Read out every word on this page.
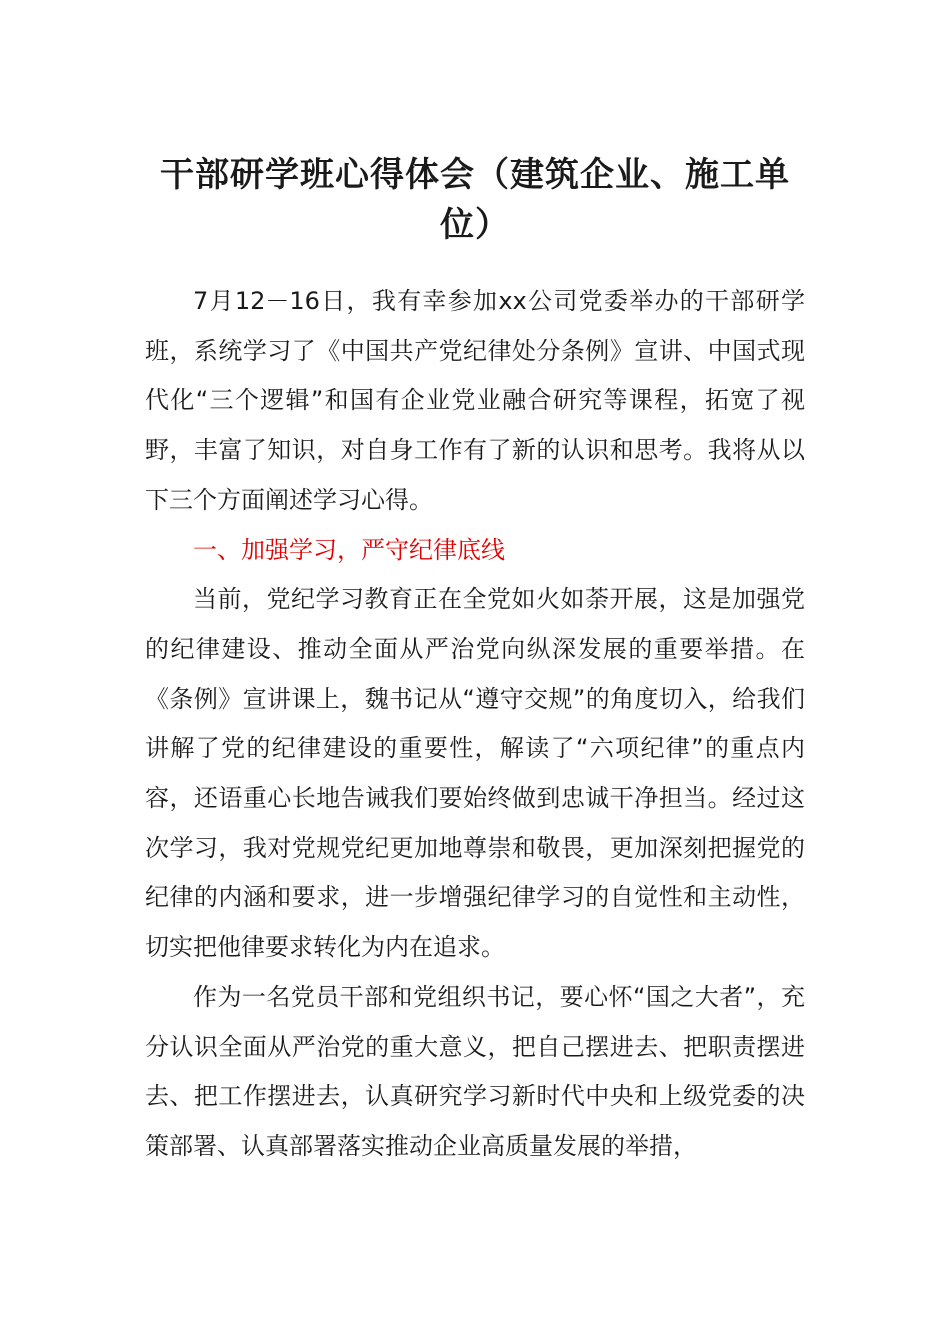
干部研学班心得体会（建筑企业、施工单位）

7月12－16日，我有幸参加xx公司党委举办的干部研学班，系统学习了《中国共产党纪律处分条例》宣讲、中国式现代化“三个逻辑”和国有企业党业融合研究等课程，拓宽了视野，丰富了知识，对自身工作有了新的认识和思考。我将从以下三个方面阐述学习心得。

一、加强学习，严守纪律底线

当前，党纪学习教育正在全党如火如荼开展，这是加强党的纪律建设、推动全面从严治党向纵深发展的重要举措。在《条例》宣讲课上，魏书记从“遵守交规”的角度切入，给我们讲解了党的纪律建设的重要性，解读了“六项纪律”的重点内容，还语重心长地告诫我们要始终做到忠诚干净担当。经过这次学习，我对党规党纪更加地尊崇和敬畏，更加深刻把握党的纪律的内涵和要求，进一步增强纪律学习的自觉性和主动性，切实把他律要求转化为内在追求。

作为一名党员干部和党组织书记，要心怀“国之大者”，充分认识全面从严治党的重大意义，把自己摆进去、把职责摆进去、把工作摆进去，认真研究学习新时代中央和上级党委的决策部署、认真部署落实推动企业高质量发展的举措，
